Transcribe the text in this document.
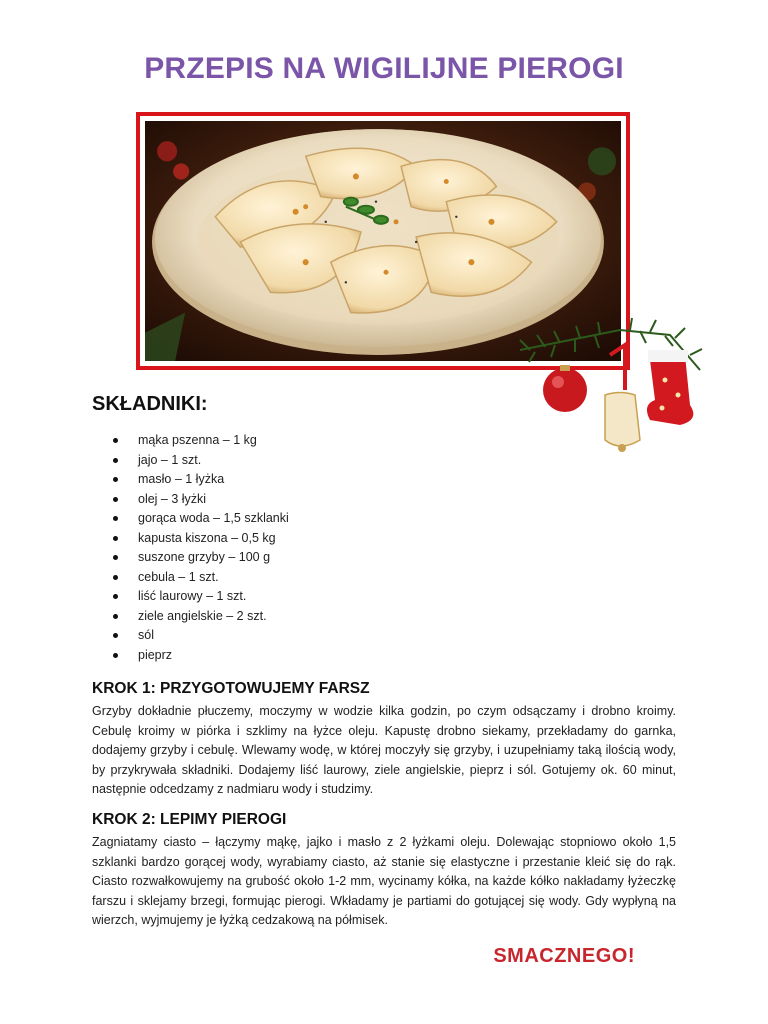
PRZEPIS NA WIGILIJNE PIEROGI
SKŁADNIKI:
mąka pszenna – 1 kg
jajo – 1 szt.
masło – 1 łyżka
olej – 3 łyżki
gorąca woda – 1,5 szklanki
kapusta kiszona – 0,5 kg
suszone grzyby – 100 g
cebula – 1 szt.
liść laurowy – 1 szt.
ziele angielskie – 2 szt.
sól
pieprz
KROK 1: PRZYGOTOWUJEMY FARSZ

Grzyby dokładnie płuczemy, moczymy w wodzie kilka godzin, po czym odsączamy i drobno kroimy. Cebulę kroimy w piórka i szklimy na łyżce oleju. Kapustę drobno siekamy, przekładamy do garnka, dodajemy grzyby i cebulę. Wlewamy wodę, w której moczyły się grzyby, i uzupełniamy taką ilością wody, by przykrywała składniki. Dodajemy liść laurowy, ziele angielskie, pieprz i sól. Gotujemy ok. 60 minut, następnie odcedzamy z nadmiaru wody i studzimy.

KROK 2: LEPIMY PIEROGI

Zagniatamy ciasto – łączymy mąkę, jajko i masło z 2 łyżkami oleju. Dolewając stopniowo około 1,5 szklanki bardzo gorącej wody, wyrabiamy ciasto, aż stanie się elastyczne i przestanie kleić się do rąk. Ciasto rozwałkowujemy na grubość około 1-2 mm, wycinamy kółka, na każde kółko nakładamy łyżeczkę farszu i sklejamy brzegi, formując pierogi. Wkładamy je partiami do gotującej się wody. Gdy wypłyną na wierzch, wyjmujemy je łyżką cedzakową na półmisek.

SMACZNEGO!
